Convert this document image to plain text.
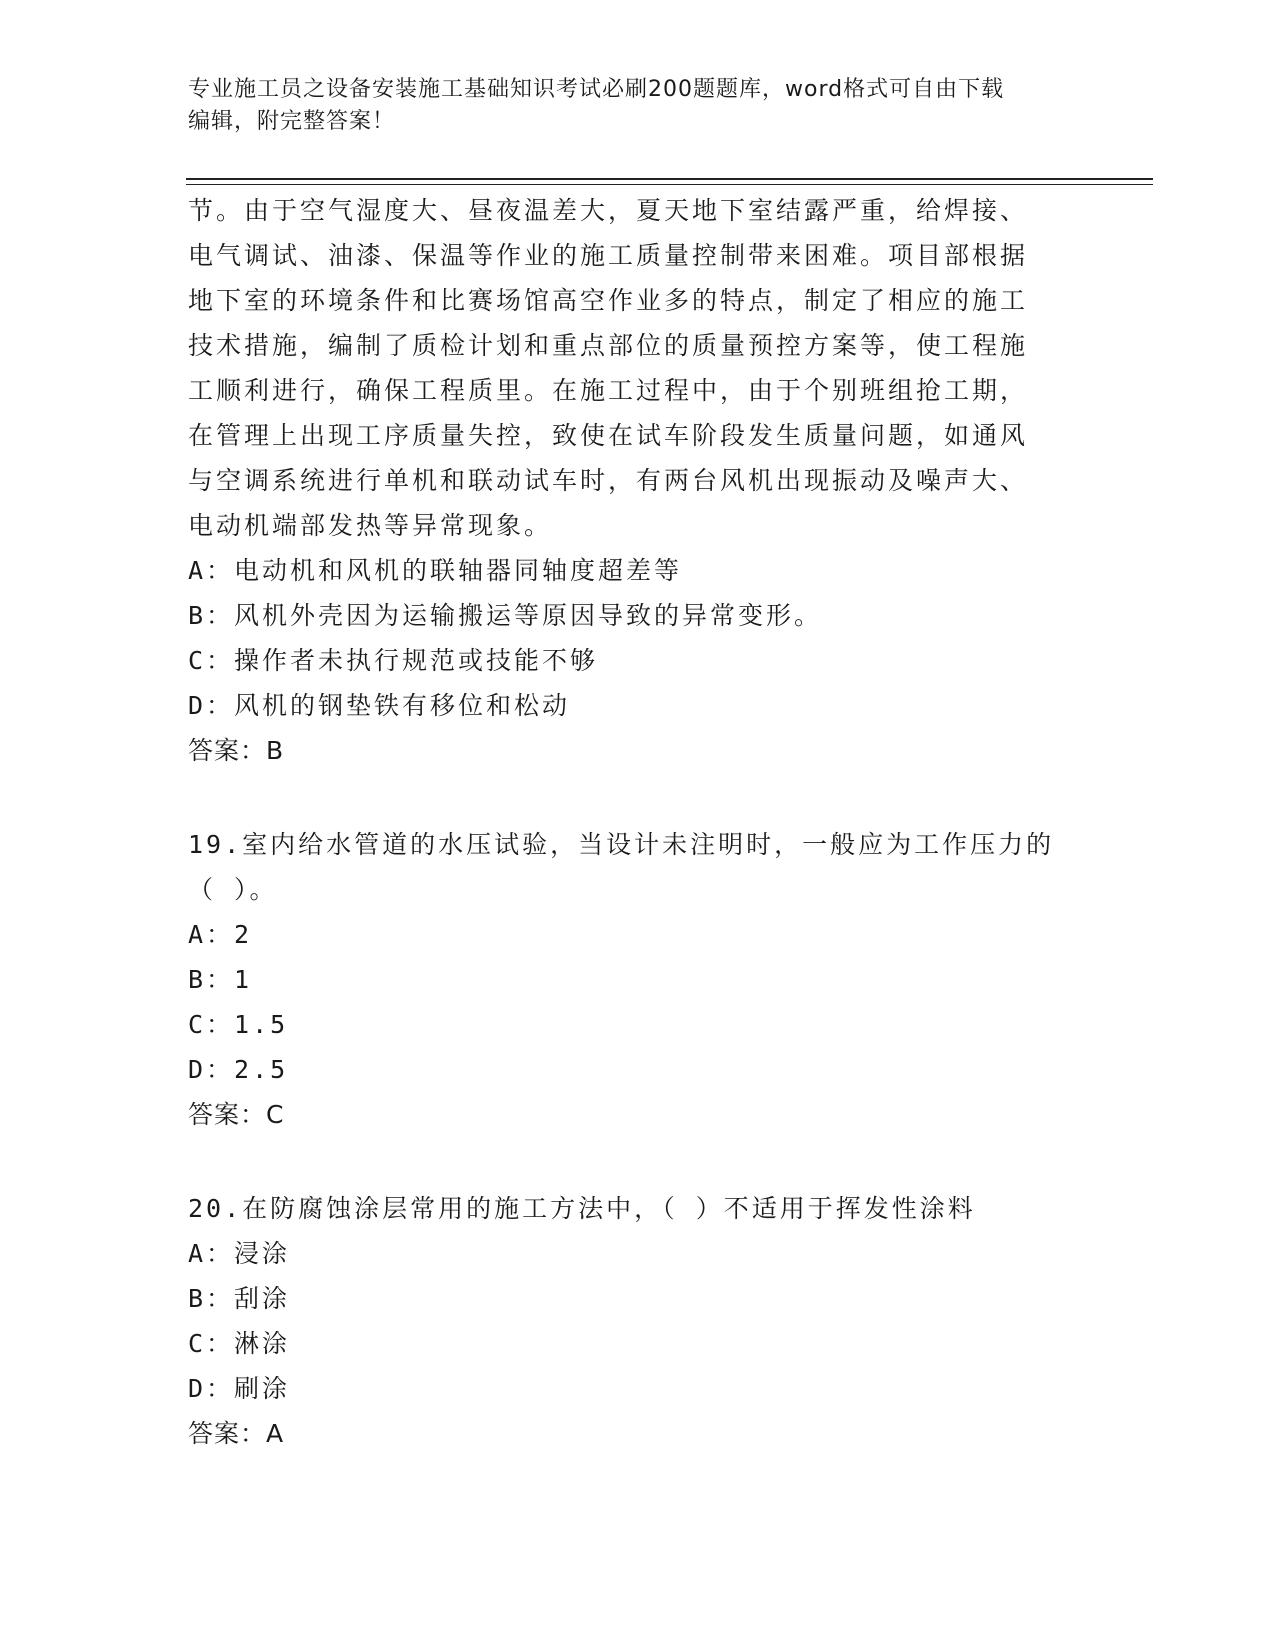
专业施工员之设备安装施工基础知识考试必刷200题题库，word格式可自由下载
编辑，附完整答案！
节。由于空气湿度大、昼夜温差大，夏天地下室结露严重，给焊接、
电气调试、油漆、保温等作业的施工质量控制带来困难。项目部根据
地下室的环境条件和比赛场馆高空作业多的特点，制定了相应的施工
技术措施，编制了质检计划和重点部位的质量预控方案等，使工程施
工顺利进行，确保工程质里。在施工过程中，由于个别班组抢工期，
在管理上出现工序质量失控，致使在试车阶段发生质量问题，如通风
与空调系统进行单机和联动试车时，有两台风机出现振动及噪声大、
电动机端部发热等异常现象。
A：电动机和风机的联轴器同轴度超差等
B：风机外壳因为运输搬运等原因导致的异常变形。
C：操作者未执行规范或技能不够
D：风机的钢垫铁有移位和松动
答案：B
19.室内给水管道的水压试验，当设计未注明时，一般应为工作压力的
（ ）。
A：2
B：1
C：1.5
D：2.5
答案：C
20.在防腐蚀涂层常用的施工方法中，（ ）不适用于挥发性涂料
A：浸涂
B：刮涂
C：淋涂
D：刷涂
答案：A
